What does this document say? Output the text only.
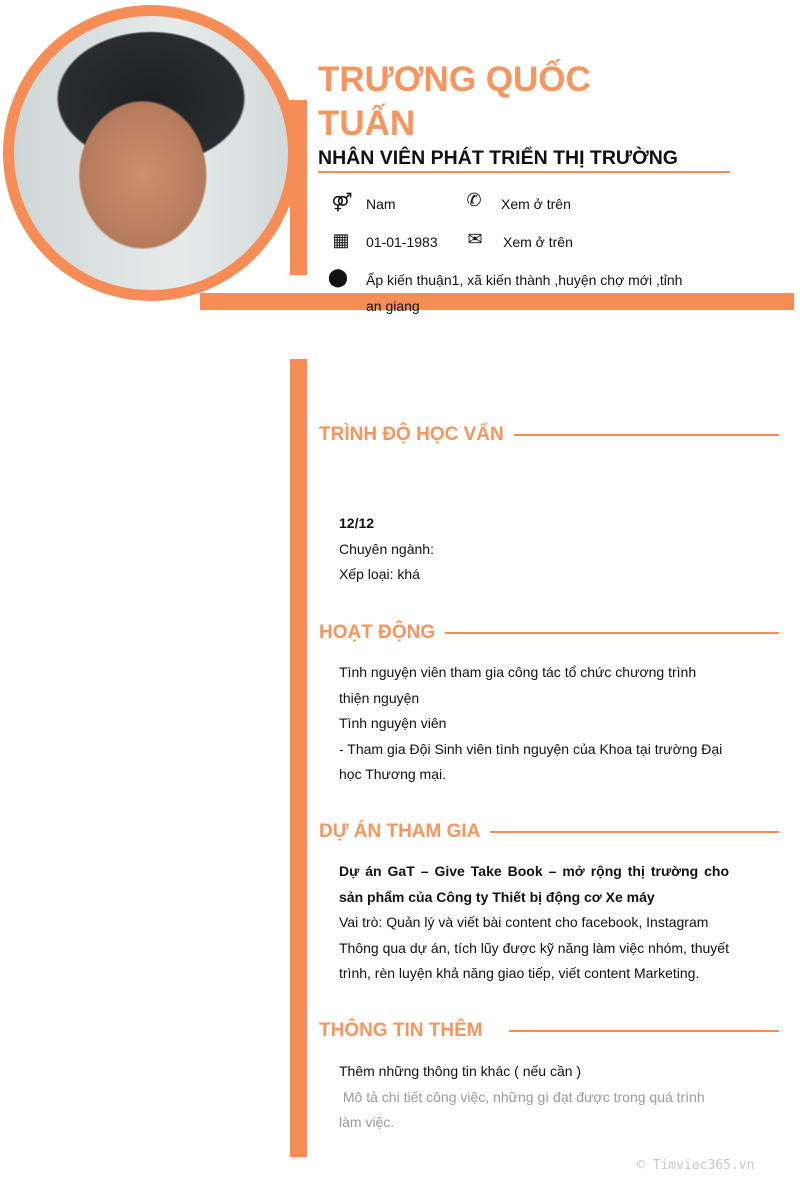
TRƯƠNG QUỐC TUẤN
NHÂN VIÊN PHÁT TRIỂN THỊ TRƯỜNG
⚤ Nam	✆	Xem ở trên
▦ 01-01-1983 ✉	Xem ở trên
⬤ Ấp kiến thuận1, xã kiến thành ,huyện chợ mới ,tỉnh an giang
TRÌNH ĐỘ HỌC VẤN
12/12
Chuyên ngành:
Xếp loại: khá
HOẠT ĐỘNG
Tình nguyện viên tham gia công tác tổ chức chương trình thiện nguyện
Tình nguyện viên
- Tham gia Đội Sinh viên tình nguyện của Khoa tại trường Đại học Thương mại.
DỰ ÁN THAM GIA
Dự án GaT – Give Take Book – mở rộng thị trường cho sản phẩm của Công ty Thiết bị động cơ Xe máy
Vai trò: Quản lý và viết bài content cho facebook, Instagram
Thông qua dự án, tích lũy được kỹ năng làm việc nhóm, thuyết trình, rèn luyện khả năng giao tiếp, viết content Marketing.
THÔNG TIN THÊM
Thêm những thông tin khác ( nếu cần )
Mô tả chi tiết công việc, những gì đạt được trong quá trình làm việc.
© Timviec365.vn
